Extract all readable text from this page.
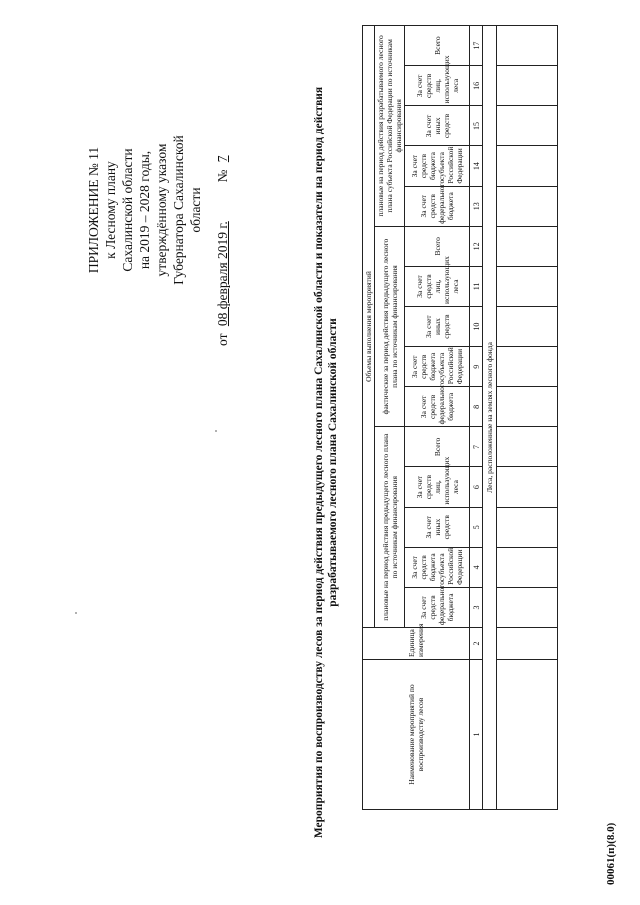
ПРИЛОЖЕНИЕ № 11 к Лесному плану Сахалинской области на 2019 – 2028 годы, утверждённому указом Губернатора Сахалинской области
от 08 февраля 2019 г.  № 7	Мероприятия по воспроизводству лесов за период действия предыдущего лесного плана Сахалинской области и показатели на период действия разрабатываемого лесного плана Сахалинской области
Наименование мероприятий по воспроизводству лесов	Единица измерения	Объемы выполнения мероприятий														
		плановые на период действия предыдущего лесного плана по источникам финансирования					фактические за период действия предыдущего лесного плана по источникам финансирования					плановые на период действия разрабатываемого лесного плана субъекта Российской Федерации по источникам финансирования				
		За счет средств федерального бюджета	За счет средств бюджета субъекта Российской Федерации	За счет иных средств	За счет средств лиц, использующих леса	Всего	За счет средств федерального бюджета	За счет средств бюджета субъекта Российской Федерации	За счет иных средств	За счет средств лиц, использующих леса	Всего	За счет средств федерального бюджета	За счет средств бюджета субъекта Российской Федерации	За счет иных средств	За счет средств лиц, использующих леса	Всего
1	2	3	4	5	6	7	8	9	10	11	12	13	14	15	16	17
Леса, расположенные на землях лесного фонда																

00061(п)(8.0)
